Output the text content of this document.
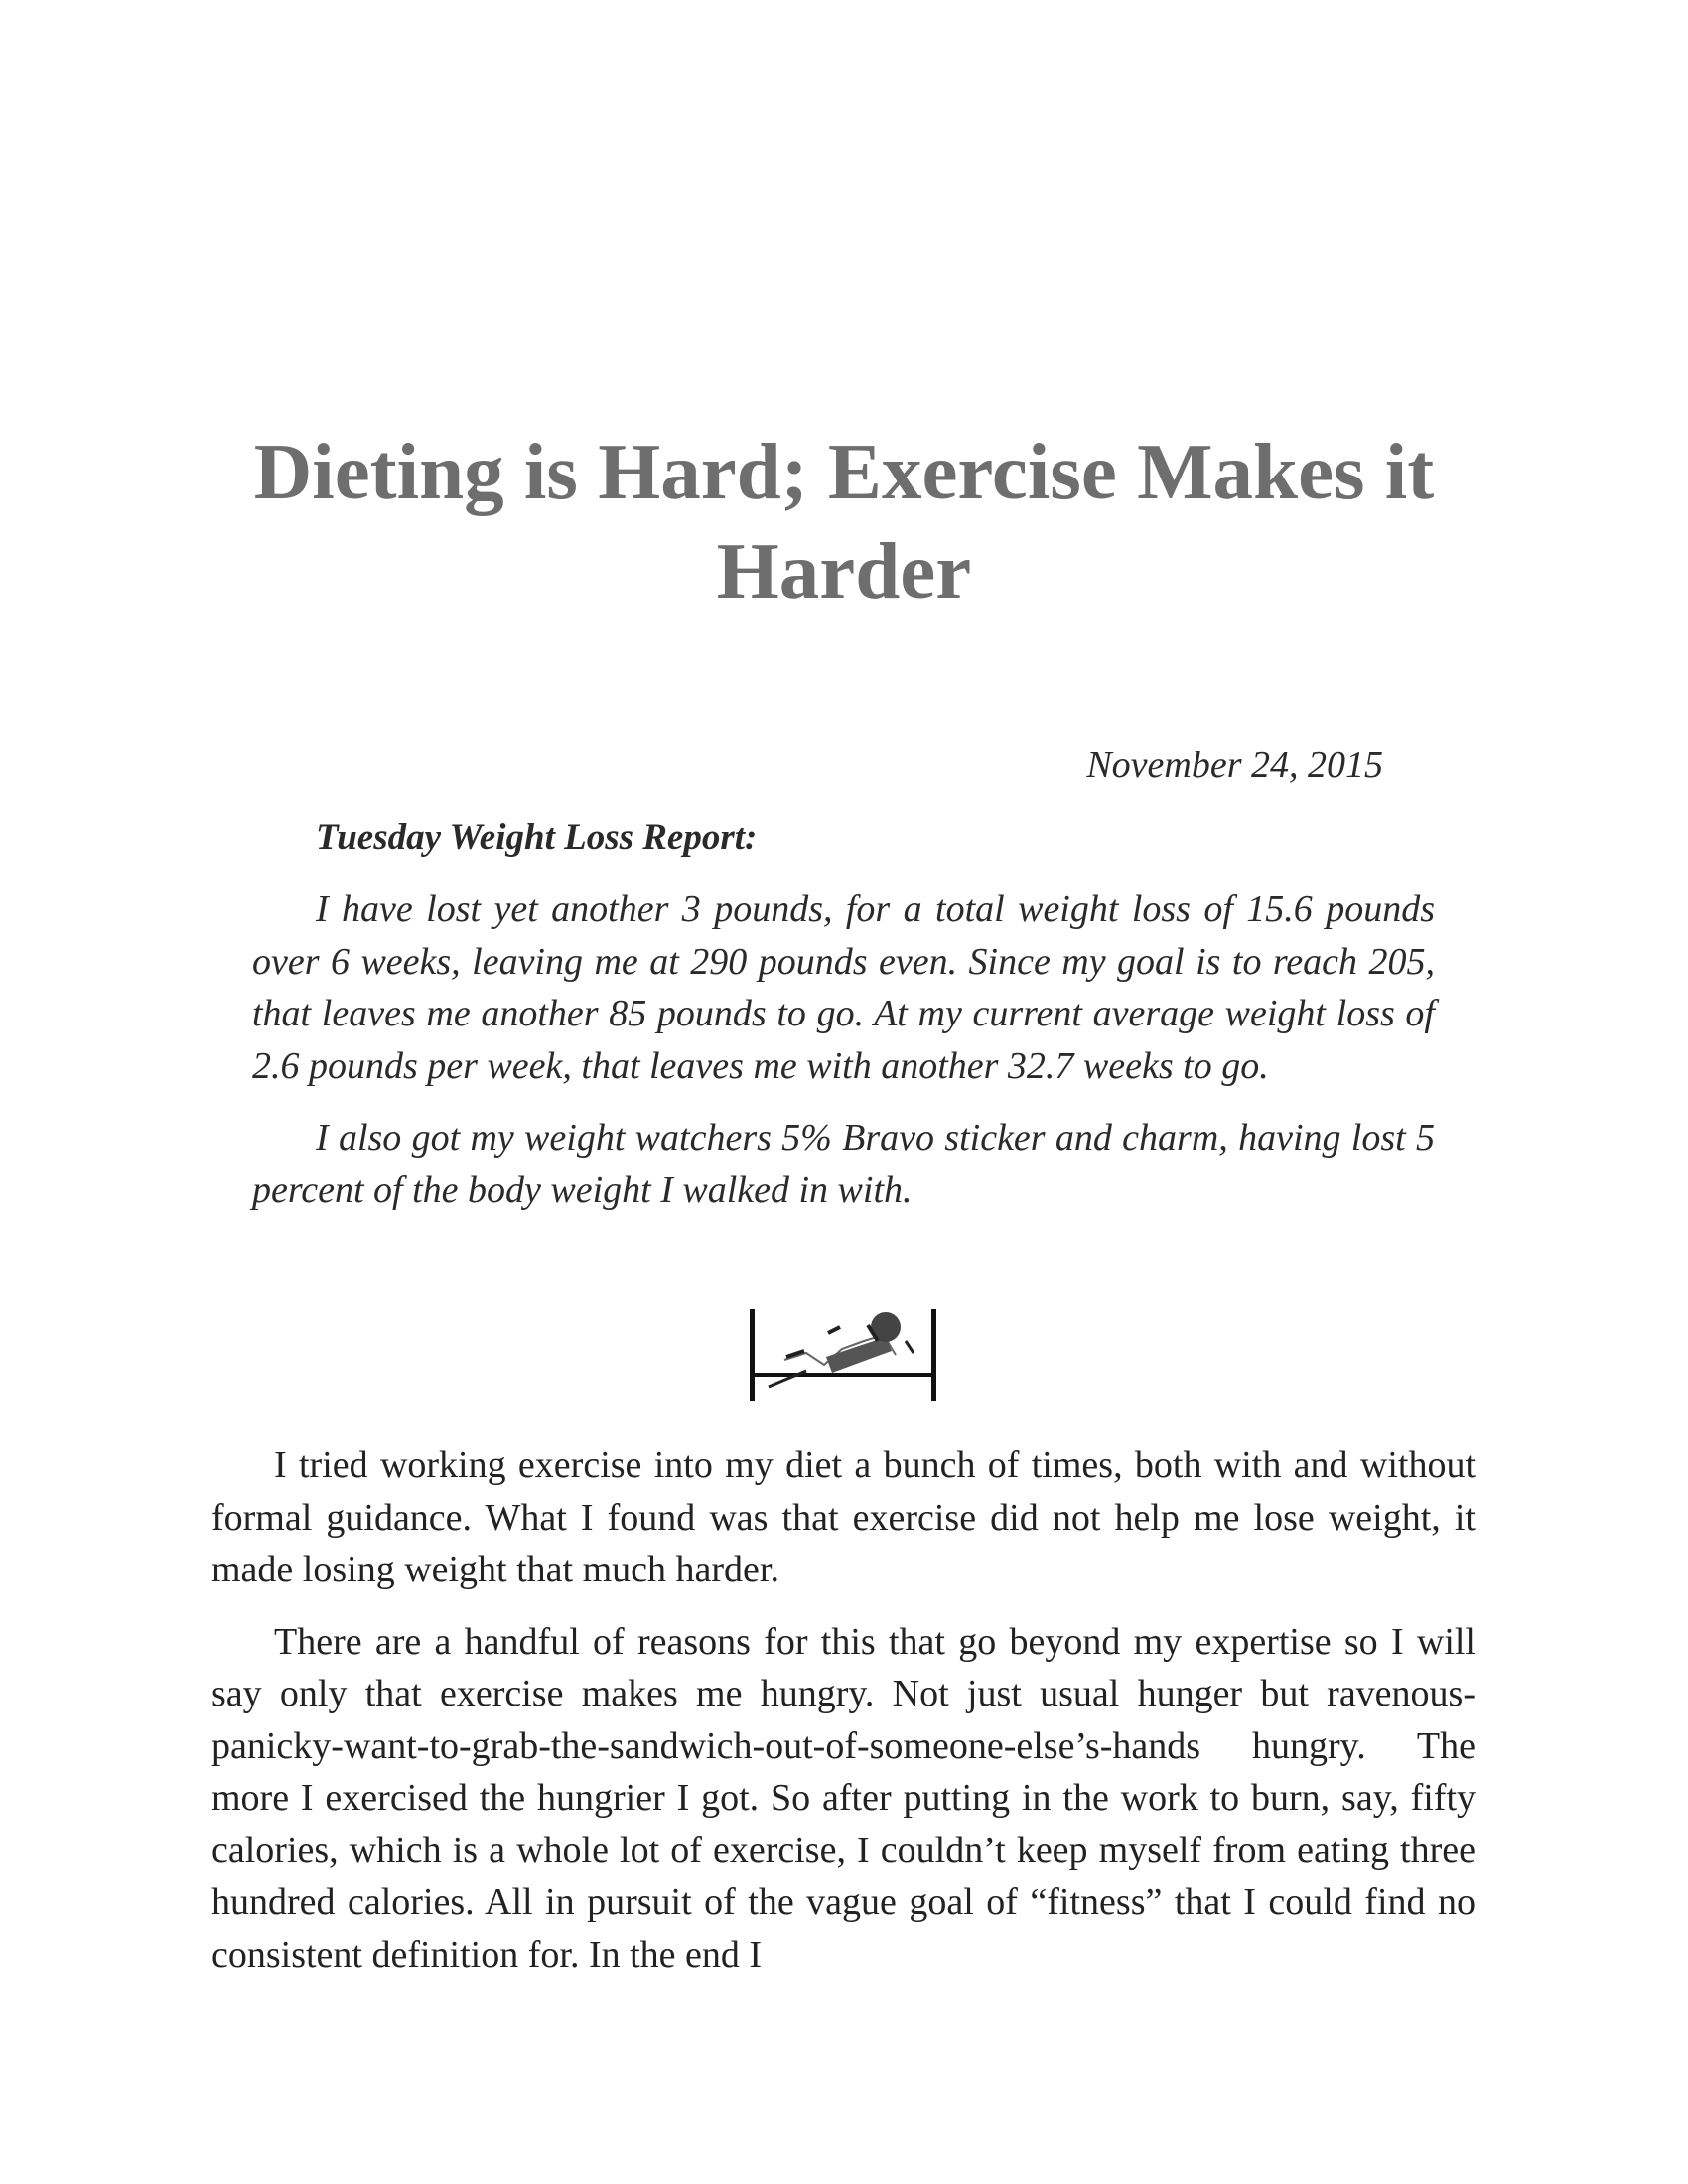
Dieting is Hard; Exercise Makes it Harder
November 24, 2015
Tuesday Weight Loss Report:

I have lost yet another 3 pounds, for a total weight loss of 15.6 pounds over 6 weeks, leaving me at 290 pounds even. Since my goal is to reach 205, that leaves me another 85 pounds to go. At my current average weight loss of 2.6 pounds per week, that leaves me with another 32.7 weeks to go.

I also got my weight watchers 5% Bravo sticker and charm, having lost 5 percent of the body weight I walked in with.

I tried working exercise into my diet a bunch of times, both with and without formal guidance. What I found was that exercise did not help me lose weight, it made losing weight that much harder.

There are a handful of reasons for this that go beyond my expertise so I will say only that exercise makes me hungry. Not just usual hunger but ravenous-panicky-want-to-grab-the-sandwich-out-of-someone-else’s-hands hungry. The more I exercised the hungrier I got. So after putting in the work to burn, say, fifty calories, which is a whole lot of exercise, I couldn’t keep myself from eating three hundred calories. All in pursuit of the vague goal of “fitness” that I could find no consistent definition for. In the end I
